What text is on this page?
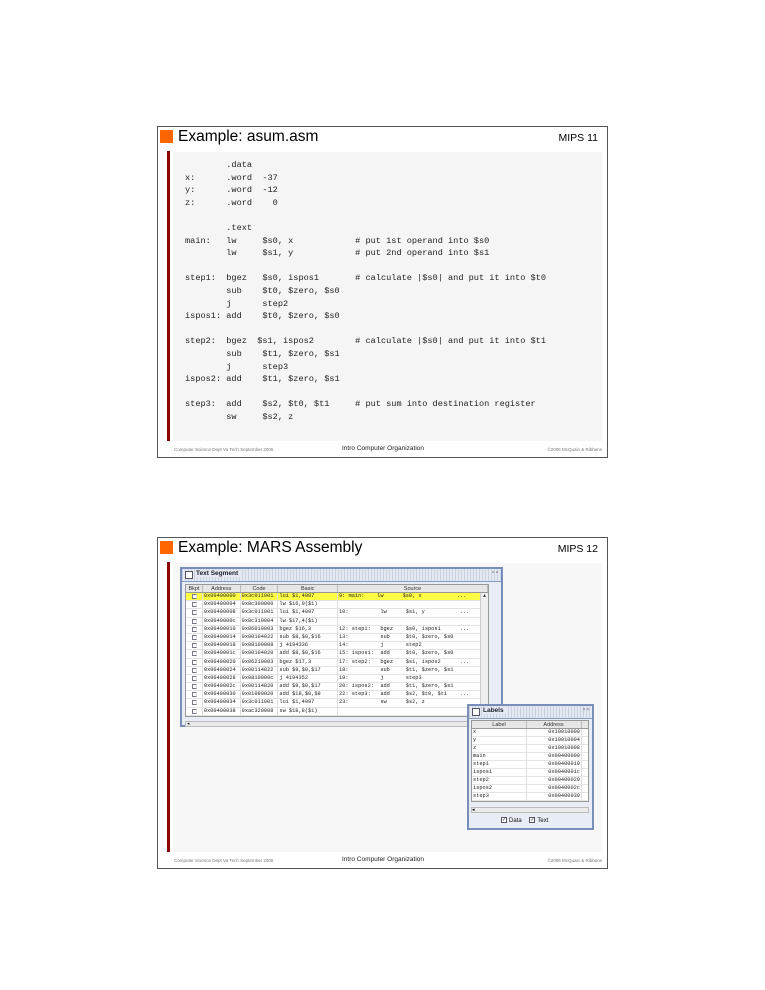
Example: asum.asm	MIPS 11
.data
x:      .word  -37
y:      .word  -12
z:      .word    0

.text
main:   lw     $s0, x            # put 1st operand into $s0
lw     $s1, y            # put 2nd operand into $s1

step1:  bgez   $s0, ispos1       # calculate |$s0| and put it into $t0
sub    $t0, $zero, $s0
j      step2
ispos1: add    $t0, $zero, $s0

step2:  bgez  $s1, ispos2        # calculate |$s0| and put it into $t1
sub    $t1, $zero, $s1
j      step3
ispos2: add    $t1, $zero, $s1

step3:  add    $s2, $t0, $t1     # put sum into destination register
sw     $s2, z
Computer Science Dept Va Tech September 2006	Intro Computer Organization	©2006 McQuain & Ribbens
Example: MARS Assembly	MIPS 12
Text Segment	▫ ▫
Bkpt	Address	Code	Basic	Source
0x00400000	0x3c011001	lui $1,4097	9: main:    lw      $s0, x           ...
0x00400004	0x8c300000	lw $16,0($1)
0x00400008	0x3c011001	lui $1,4097	10:          lw      $s1, y           ...
0x0040000c	0x8c310004	lw $17,4($1)
0x00400010	0x06010003	bgez $16,3	12: step1:   bgez    $s0, ispos1      ...
0x00400014	0x00104022	sub $8,$0,$16	13:          sub     $t0, $zero, $s0
0x00400018	0x08100008	j 4194336	14:          j       step2
0x0040001c	0x00104020	add $8,$0,$16	15: ispos1:  add     $t0, $zero, $s0
0x00400020	0x06210003	bgez $17,3	17: step2:   bgez    $s1, ispos2      ...
0x00400024	0x00114822	sub $9,$0,$17	18:          sub     $t1, $zero, $s1
0x00400028	0x0810000c	j 4194352	19:          j       step3
0x0040002c	0x00114820	add $9,$0,$17	20: ispos2:  add     $t1, $zero, $s1
0x00400030	0x01099020	add $18,$8,$9	22: step3:   add     $s2, $t0, $t1    ...
0x00400034	0x3c011001	lui $1,4097	23:          sw      $s2, z
0x00400038	0xac320008	sw $18,8($1)
▲
◂
Labels	▫ ▫
Label	Address
x	0x10010000
y	0x10010004
z	0x10010008
main	0x00400000
step1	0x00400010
ispos1	0x0040001c
step2	0x00400020
ispos2	0x0040002c
step3	0x00400030
◂
✓ Data ✓ Text
Computer Science Dept Va Tech September 2006	Intro Computer Organization	©2006 McQuain & Ribbens
